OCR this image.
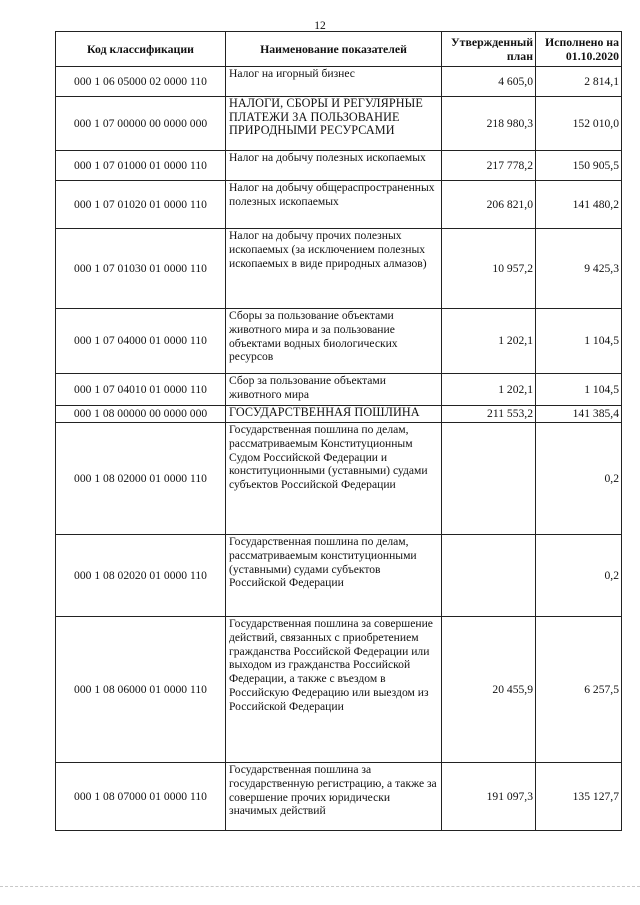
12
Код классификации	Наименование показателей	Утвержденный план	Исполнено на 01.10.2020
000 1 06 05000 02 0000 110	Налог на игорный бизнес	4 605,0	2 814,1
000 1 07 00000 00 0000 000	НАЛОГИ, СБОРЫ И РЕГУЛЯРНЫЕ ПЛАТЕЖИ ЗА ПОЛЬЗОВАНИЕ ПРИРОДНЫМИ РЕСУРСАМИ	218 980,3	152 010,0
000 1 07 01000 01 0000 110	Налог на добычу полезных ископаемых	217 778,2	150 905,5
000 1 07 01020 01 0000 110	Налог на добычу общераспространенных полезных ископаемых	206 821,0	141 480,2
000 1 07 01030 01 0000 110	Налог на добычу прочих полезных ископаемых (за исключением полезных ископаемых в виде природных алмазов)	10 957,2	9 425,3
000 1 07 04000 01 0000 110	Сборы за пользование объектами животного мира и за пользование объектами водных биологических ресурсов	1 202,1	1 104,5
000 1 07 04010 01 0000 110	Сбор за пользование объектами животного мира	1 202,1	1 104,5
000 1 08 00000 00 0000 000	ГОСУДАРСТВЕННАЯ ПОШЛИНА	211 553,2	141 385,4
000 1 08 02000 01 0000 110	Государственная пошлина по делам, рассматриваемым Конституционным Судом Российской Федерации и конституционными (уставными) судами субъектов Российской Федерации		0,2
000 1 08 02020 01 0000 110	Государственная пошлина по делам, рассматриваемым конституционными (уставными) судами субъектов Российской Федерации		0,2
000 1 08 06000 01 0000 110	Государственная пошлина за совершение действий, связанных с приобретением гражданства Российской Федерации или выходом из гражданства Российской Федерации, а также с въездом в Российскую Федерацию или выездом из Российской Федерации	20 455,9	6 257,5
000 1 08 07000 01 0000 110	Государственная пошлина за государственную регистрацию, а также за совершение прочих юридически значимых действий	191 097,3	135 127,7
